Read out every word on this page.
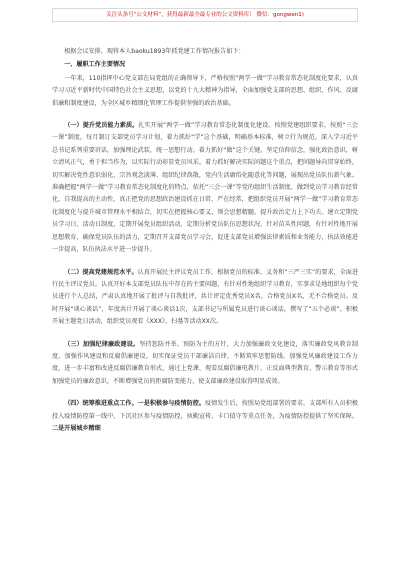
关注头条号“公文材料”，获得最新最全最专业的公文资料库！ 微信：gongwen1)

根据会议安排，现将本人baoku1893年抓党建工作情况报告如下：

一、履职工作主要情况

一年来，110指挥中心党支部在局党组的正确领导下，严格按照“两学一做”学习教育常态化制度化要求，认真学习习近平新时代中国特色社会主义思想，以党的十九大精神为指导，全面加强党支部的思想、组织、作风、反腐倡廉和制度建设，为全区城乡精细化管理工作提供坚强的政治基础。

（一）提升党员能力素质。扎实开展“两学一做”学习教育常态化制度化建设。按照党建组织要求，按照“三会一课”制度，每月制订支部党员学习计划，着力抓好“学”这个基础，明确基本标准，树立行为规范，深入学习近平总书记系列重要讲话，加强理论武装，统一思想行动。着力抓好“做”这个关键，坚定信仰信念，强化政治意识，树立清风正气，勇于担当作为，以实际行动彰显党员风采。着力抓好解决实际问题这个重点，把问题导向贯穿始终，切实解决党性意识弱化、宗旨观念淡薄、组织纪律涣散，党内生活庸俗化随意化等问题，展现出党员队伍新气象。准确把握“两学一做”学习教育常态化制度化的特点，依托“三会一课”等党的组织生活制度，做到党员学习教育经常化，自我提高的主动性，真正把党的思想政治建设抓在日常、严在经常，把组织党员开展“两学一做”学习教育常态化制度化与提升城市管理水平相结合，切实在把握核心要义、领会思想精髓、提升政治定力上下功夫。建立定期党员学习日、活动日制度，定期开展党员组织活动，定期分析党员队伍思想状况，针对苗头性问题，有针对性地开展思想教育，确保党员队伍的活力，定期召开支部党员学习会，促进支部党员增强法律素质和业务能力，执法效能进一步提高，队伍执法水平进一步提升。

（二）提高党建规范水平。认真开展民主评议党员工作，根据党员的标准、义务和“三严三实”的要求，全面进行民主评议党员。认真开好本支部党员队伍中存在的主要问题，有针对性地组织学习教育，实事求是地组织每个党员进行个人总结，严肃认真地开展了批评与自我批评，共计评定优秀党员X名，合格党员X名，无不合格党员。及时开展“谈心谈话”，年度共计开展了谈心谈话1次，支部书记与所属党员进行谈心谈话，撰写了“五个必谈”。积极开展主题党日活动，组织党员观看《XXX》、扫墓等活动XX次。

（三）加强纪律廉政建设。坚持惩防并举、预防为主的方针，大力加强廉政文化建设，落实廉政党风教育制度，加强作风建设和反腐倡廉建设。切实保证党员干部廉洁自律，不断筑牢思想防线。加强党风廉政建设工作力度，进一步丰富和改进反腐倡廉教育形式，通过上党课、观看反腐倡廉电教片、正反面典型教育、警示教育等形式加强党员的廉政意识，不断增强党员的拒腐防变能力，使支部廉政建设取得明显成效。

（四）统筹推进重点工作。一是积极参与疫情防控。疫情发生后，按照局党组部署的要求，支部所有人员积极投入疫情防控第一线中，下沉社区参与疫情防控，执勤宣传、卡口值守等重点任务，为疫情防控提供了坚实保障。二是开展城乡精细
